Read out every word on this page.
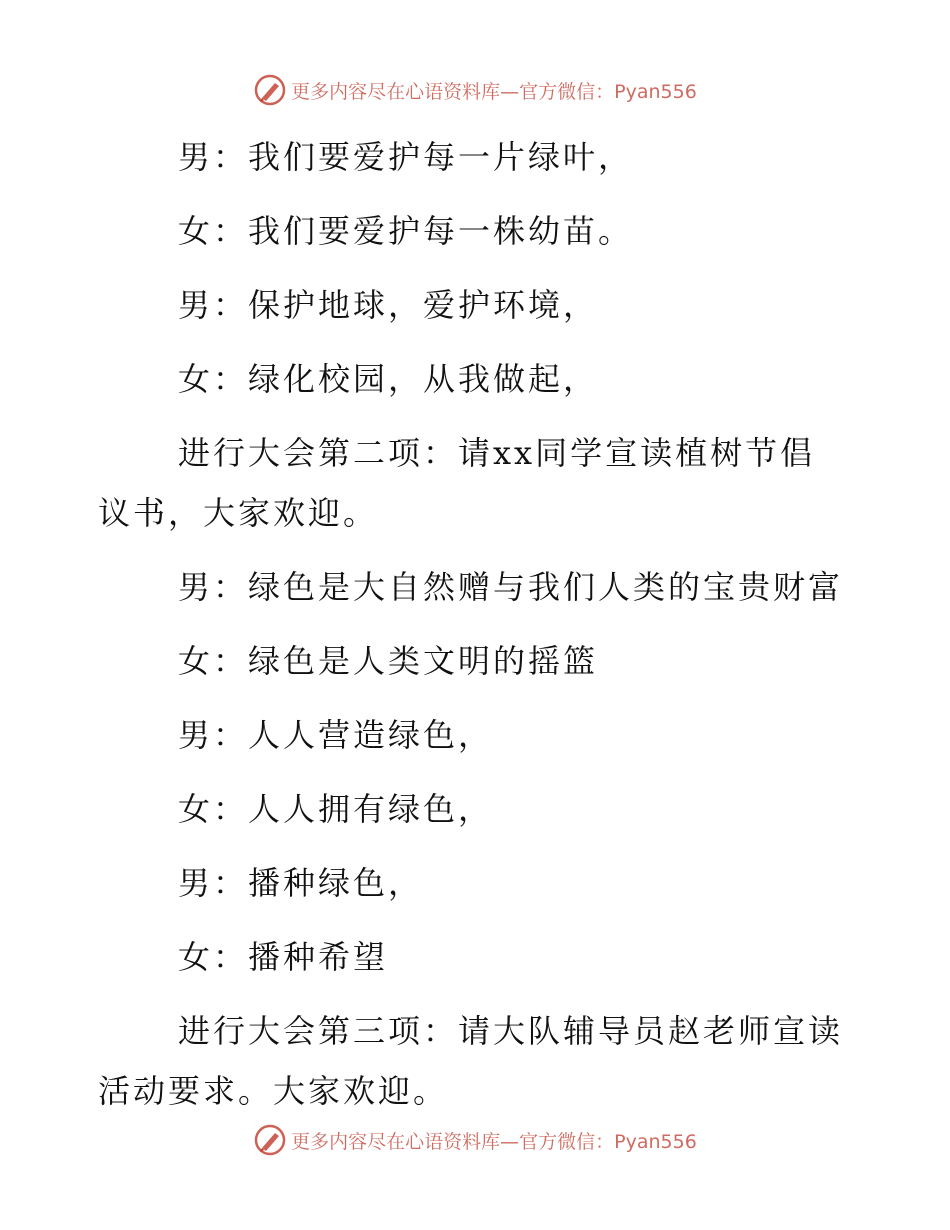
更多内容尽在心语资料库—官方微信：Pyan556

男：我们要爱护每一片绿叶，

女：我们要爱护每一株幼苗。

男：保护地球，爱护环境，

女：绿化校园，从我做起，

进行大会第二项：请xx同学宣读植树节倡议书，大家欢迎。

男：绿色是大自然赠与我们人类的宝贵财富

女：绿色是人类文明的摇篮

男：人人营造绿色，

女：人人拥有绿色，

男：播种绿色，

女：播种希望

进行大会第三项：请大队辅导员赵老师宣读活动要求。大家欢迎。

更多内容尽在心语资料库—官方微信：Pyan556
